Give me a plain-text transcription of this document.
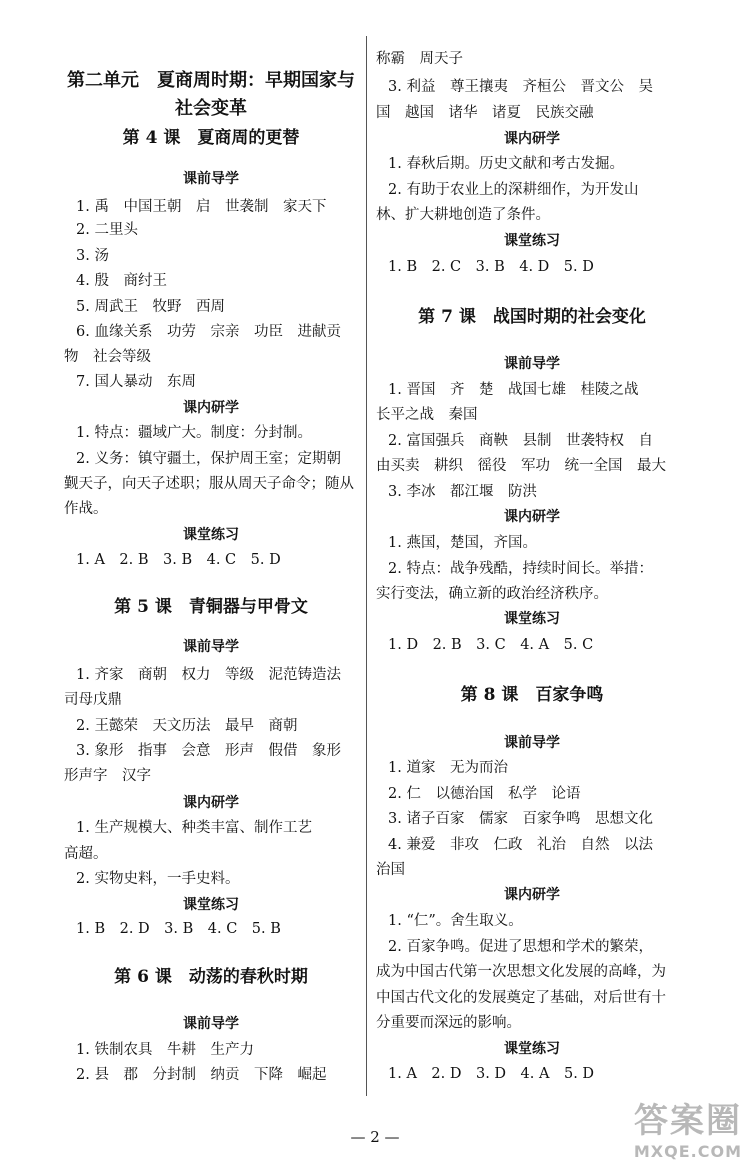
第二单元　夏商周时期：早期国家与
社会变革
第 4 课　夏商周的更替
课前导学
1. 禹　中国王朝　启　世袭制　家天下
2. 二里头
3. 汤
4. 殷　商纣王
5. 周武王　牧野　西周
6. 血缘关系　功劳　宗亲　功臣　进献贡
物　社会等级
7. 国人暴动　东周
课内研学
1. 特点：疆域广大。制度：分封制。
2. 义务：镇守疆土，保护周王室；定期朝
觐天子，向天子述职；服从周天子命令；随从
作战。
课堂练习
1. A　2. B　3. B　4. C　5. D
第 5 课　青铜器与甲骨文
课前导学
1. 齐家　商朝　权力　等级　泥范铸造法
司母戊鼎
2. 王懿荣　天文历法　最早　商朝
3. 象形　指事　会意　形声　假借　象形
形声字　汉字
课内研学
1. 生产规模大、种类丰富、制作工艺
高超。
2. 实物史料，一手史料。
课堂练习
1. B　2. D　3. B　4. C　5. B
第 6 课　动荡的春秋时期
课前导学
1. 铁制农具　牛耕　生产力
2. 县　郡　分封制　纳贡　下降　崛起
称霸　周天子
3. 利益　尊王攘夷　齐桓公　晋文公　吴
国　越国　诸华　诸夏　民族交融
课内研学
1. 春秋后期。历史文献和考古发掘。
2. 有助于农业上的深耕细作，为开发山
林、扩大耕地创造了条件。
课堂练习
1. B　2. C　3. B　4. D　5. D
第 7 课　战国时期的社会变化
课前导学
1. 晋国　齐　楚　战国七雄　桂陵之战
长平之战　秦国
2. 富国强兵　商鞅　县制　世袭特权　自
由买卖　耕织　徭役　军功　统一全国　最大
3. 李冰　都江堰　防洪
课内研学
1. 燕国，楚国，齐国。
2. 特点：战争残酷，持续时间长。举措：
实行变法，确立新的政治经济秩序。
课堂练习
1. D　2. B　3. C　4. A　5. C
第 8 课　百家争鸣
课前导学
1. 道家　无为而治
2. 仁　以德治国　私学　论语
3. 诸子百家　儒家　百家争鸣　思想文化
4. 兼爱　非攻　仁政　礼治　自然　以法
治国
课内研学
1. “仁”。舍生取义。
2. 百家争鸣。促进了思想和学术的繁荣，
成为中国古代第一次思想文化发展的高峰，为
中国古代文化的发展奠定了基础，对后世有十
分重要而深远的影响。
课堂练习
1. A　2. D　3. D　4. A　5. D
— 2 —	答案圈
MXQE.COM
